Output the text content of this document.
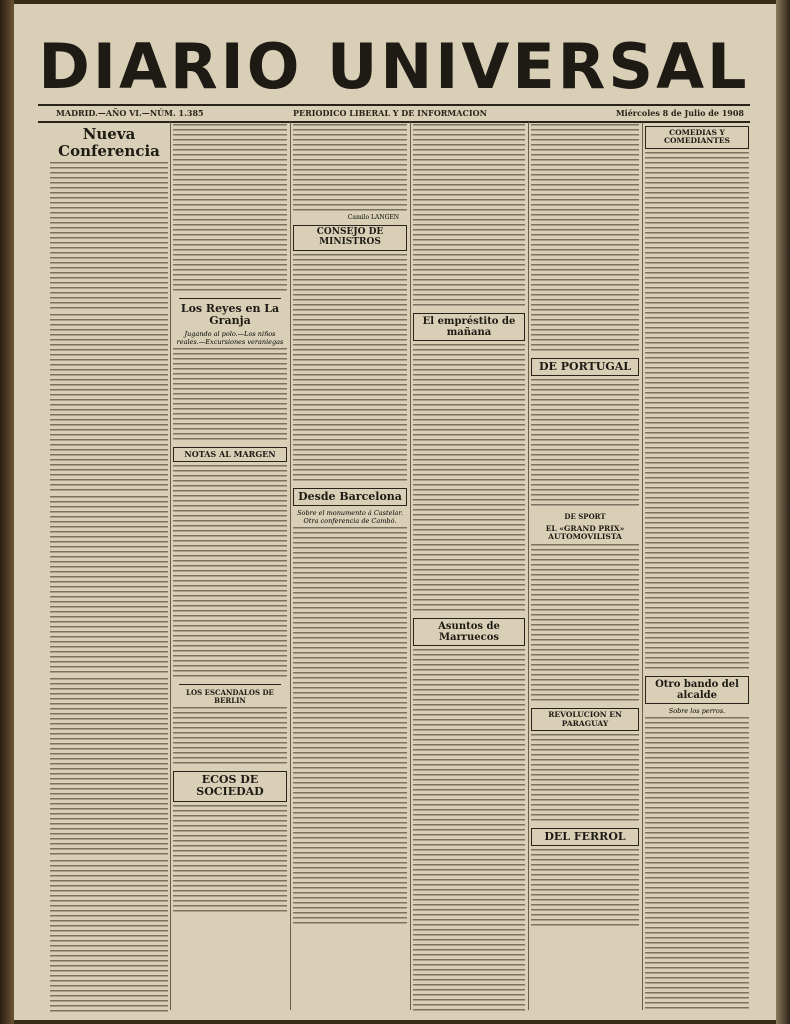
DIARIO UNIVERSAL
MADRID.—AÑO VI.—NÚM. 1.385	PERIODICO LIBERAL Y DE INFORMACION	Miércoles 8 de Julio de 1908
Nueva Conferencia
Los Reyes en La Granja
Jugando al polo.—Los niños reales.—Excursiones veraniegas
NOTAS AL MARGEN
LOS ESCANDALOS DE BERLIN
ECOS DE SOCIEDAD
Camilo LANGEN
CONSEJO DE MINISTROS
Desde Barcelona
Sobre el monumento á Castelar. Otra conferencia de Cambó.
El empréstito de mañana
Asuntos de Marruecos
DE PORTUGAL
DE SPORT
EL «GRAND PRIX» AUTOMOVILISTA
REVOLUCION EN PARAGUAY
DEL FERROL
COMEDIAS Y COMEDIANTES
Otro bando del alcalde
Sobre los perros.
